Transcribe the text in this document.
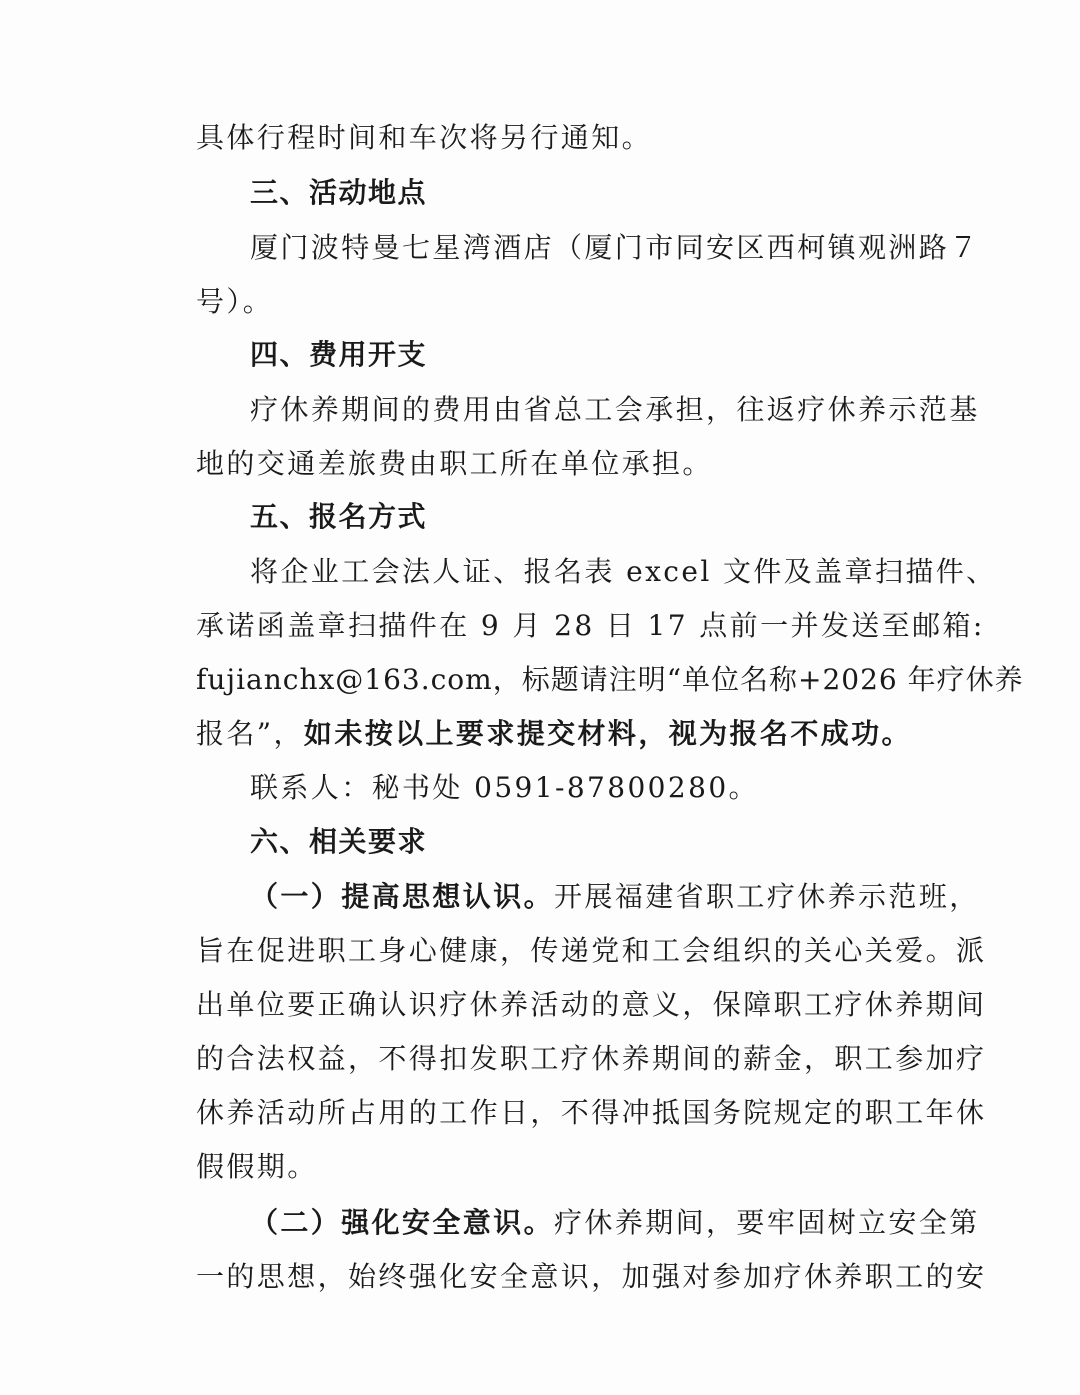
具体行程时间和车次将另行通知。
三、活动地点
厦门波特曼七星湾酒店（厦门市同安区西柯镇观洲路７
号）。
四、费用开支
疗休养期间的费用由省总工会承担，往返疗休养示范基
地的交通差旅费由职工所在单位承担。
五、报名方式
将企业工会法人证、报名表 excel 文件及盖章扫描件、
承诺函盖章扫描件在 9 月 28 日 17 点前一并发送至邮箱:
fujianchx@163.com，标题请注明“单位名称+2026 年疗休养
报名”，如未按以上要求提交材料，视为报名不成功。
联系人：秘书处 0591-87800280。
六、相关要求
（一）提高思想认识。开展福建省职工疗休养示范班，
旨在促进职工身心健康，传递党和工会组织的关心关爱。派
出单位要正确认识疗休养活动的意义，保障职工疗休养期间
的合法权益，不得扣发职工疗休养期间的薪金，职工参加疗
休养活动所占用的工作日，不得冲抵国务院规定的职工年休
假假期。
（二）强化安全意识。疗休养期间，要牢固树立安全第
一的思想，始终强化安全意识，加强对参加疗休养职工的安
